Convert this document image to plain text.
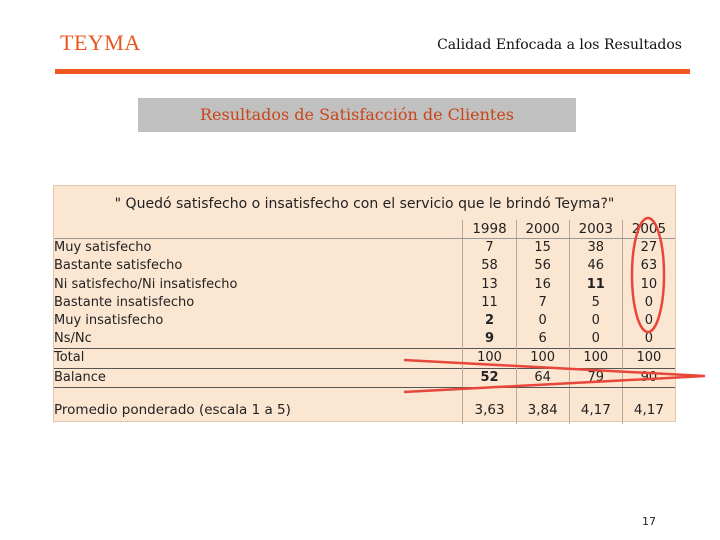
TEYMA	Calidad Enfocada a los Resultados
Resultados de Satisfacción de Clientes
" Quedó satisfecho o insatisfecho con el servicio que le brindó Teyma?"
	1998	2000	2003	2005
Muy satisfecho	7	15	38	27
Bastante satisfecho	58	56	46	63
Ni satisfecho/Ni insatisfecho	13	16	11	10
Bastante insatisfecho	11	7	5	0
Muy insatisfecho	2	0	0	0
Ns/Nc	9	6	0	0
Total	100	100	100	100
Balance	52	64	79	90

Promedio ponderado (escala 1 a 5)	3,63	3,84	4,17	4,17
17
